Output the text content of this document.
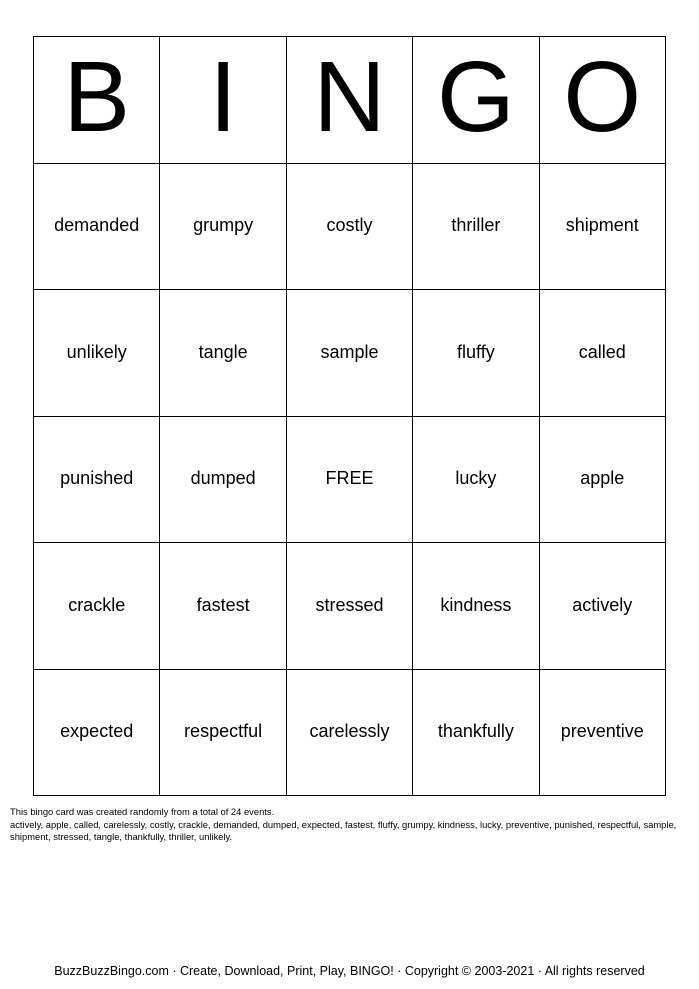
B I N G O
demanded	grumpy	costly	thriller	shipment
unlikely	tangle	sample	fluffy	called
punished	dumped	FREE	lucky	apple
crackle	fastest	stressed	kindness	actively
expected	respectful	carelessly	thankfully	preventive

This bingo card was created randomly from a total of 24 events.

actively, apple, called, carelessly, costly, crackle, demanded, dumped, expected, fastest, fluffy, grumpy, kindness, lucky, preventive, punished, respectful, sample, shipment, stressed, tangle, thankfully, thriller, unlikely.

BuzzBuzzBingo.com · Create, Download, Print, Play, BINGO! · Copyright © 2003-2021 · All rights reserved
